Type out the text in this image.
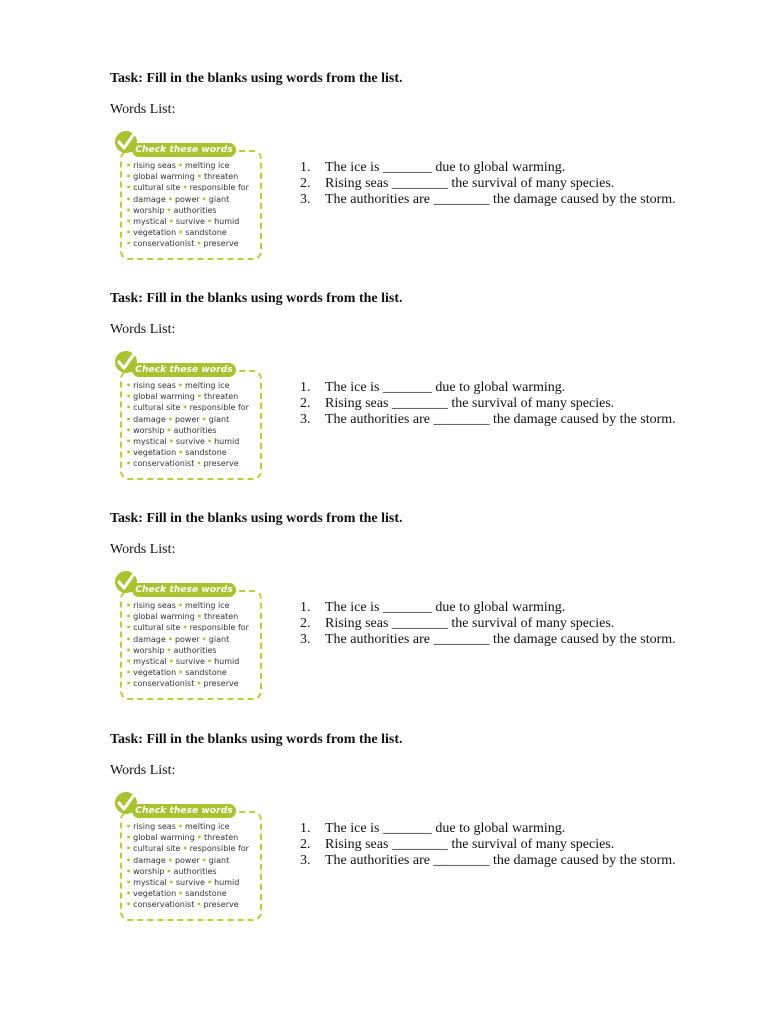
Task: Fill in the blanks using words from the list.
Words List:
Check these words
• rising seas • melting ice
• global warming • threaten
• cultural site • responsible for
• damage • power • giant
• worship • authorities
• mystical • survive • humid
• vegetation • sandstone
• conservationist • preserve
1. The ice is _______ due to global warming.
2. Rising seas ________ the survival of many species.
3. The authorities are ________ the damage caused by the storm.
Task: Fill in the blanks using words from the list.
Words List:
Check these words
• rising seas • melting ice
• global warming • threaten
• cultural site • responsible for
• damage • power • giant
• worship • authorities
• mystical • survive • humid
• vegetation • sandstone
• conservationist • preserve
1. The ice is _______ due to global warming.
2. Rising seas ________ the survival of many species.
3. The authorities are ________ the damage caused by the storm.
Task: Fill in the blanks using words from the list.
Words List:
Check these words
• rising seas • melting ice
• global warming • threaten
• cultural site • responsible for
• damage • power • giant
• worship • authorities
• mystical • survive • humid
• vegetation • sandstone
• conservationist • preserve
1. The ice is _______ due to global warming.
2. Rising seas ________ the survival of many species.
3. The authorities are ________ the damage caused by the storm.
Task: Fill in the blanks using words from the list.
Words List:
Check these words
• rising seas • melting ice
• global warming • threaten
• cultural site • responsible for
• damage • power • giant
• worship • authorities
• mystical • survive • humid
• vegetation • sandstone
• conservationist • preserve
1. The ice is _______ due to global warming.
2. Rising seas ________ the survival of many species.
3. The authorities are ________ the damage caused by the storm.
